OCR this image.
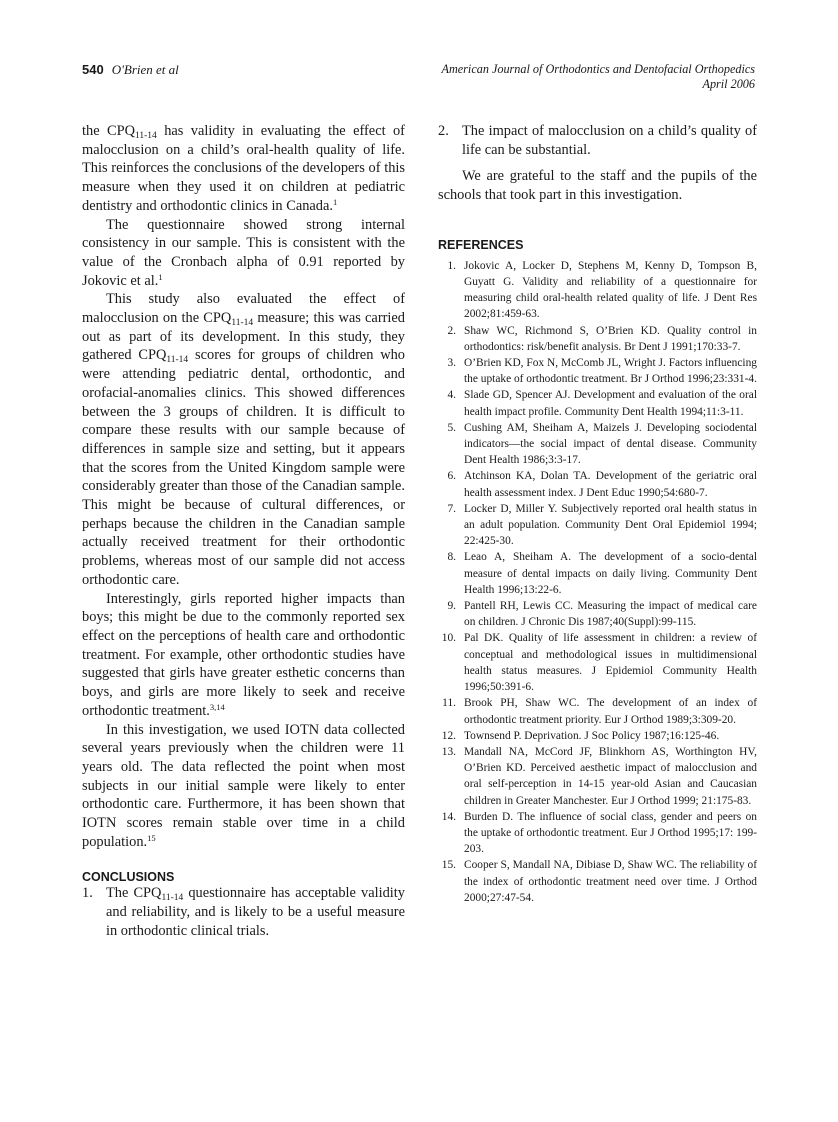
540 O'Brien et al	American Journal of Orthodontics and Dentofacial Orthopedics
April 2006

the $CPQ_{11-14}$ has validity in evaluating the effect of malocclusion on a child’s oral-health quality of life. This reinforces the conclusions of the developers of this measure when they used it on children at pediatric dentistry and orthodontic clinics in Canada.$^1$

The questionnaire showed strong internal consistency in our sample. This is consistent with the value of the Cronbach alpha of 0.91 reported by Jokovic et al.$^1$

This study also evaluated the effect of malocclusion on the $CPQ_{11-14}$ measure; this was carried out as part of its development. In this study, they gathered $CPQ_{11-14}$ scores for groups of children who were attending pediatric dental, orthodontic, and orofacial-anomalies clinics. This showed differences between the 3 groups of children. It is difficult to compare these results with our sample because of differences in sample size and setting, but it appears that the scores from the United Kingdom sample were considerably greater than those of the Canadian sample. This might be because of cultural differences, or perhaps because the children in the Canadian sample actually received treatment for their orthodontic problems, whereas most of our sample did not access orthodontic care.

Interestingly, girls reported higher impacts than boys; this might be due to the commonly reported sex effect on the perceptions of health care and orthodontic treatment. For example, other orthodontic studies have suggested that girls have greater esthetic concerns than boys, and girls are more likely to seek and receive orthodontic treatment.$^{3,14}$

In this investigation, we used IOTN data collected several years previously when the children were 11 years old. The data reflected the point when most subjects in our initial sample were likely to enter orthodontic care. Furthermore, it has been shown that IOTN scores remain stable over time in a child population.$^{15}$

CONCLUSIONS
1. The $CPQ_{11-14}$ questionnaire has acceptable validity and reliability, and is likely to be a useful measure in orthodontic clinical trials.
2. The impact of malocclusion on a child’s quality of life can be substantial.

We are grateful to the staff and the pupils of the schools that took part in this investigation.

REFERENCES
1. Jokovic A, Locker D, Stephens M, Kenny D, Tompson B, Guyatt G. Validity and reliability of a questionnaire for measuring child oral-health related quality of life. J Dent Res 2002;81:459-63.
2. Shaw WC, Richmond S, O’Brien KD. Quality control in orthodontics: risk/benefit analysis. Br Dent J 1991;170:33-7.
3. O’Brien KD, Fox N, McComb JL, Wright J. Factors influencing the uptake of orthodontic treatment. Br J Orthod 1996;23:331-4.
4. Slade GD, Spencer AJ. Development and evaluation of the oral health impact profile. Community Dent Health 1994;11:3-11.
5. Cushing AM, Sheiham A, Maizels J. Developing sociodental indicators—the social impact of dental disease. Community Dent Health 1986;3:3-17.
6. Atchinson KA, Dolan TA. Development of the geriatric oral health assessment index. J Dent Educ 1990;54:680-7.
7. Locker D, Miller Y. Subjectively reported oral health status in an adult population. Community Dent Oral Epidemiol 1994; 22:425-30.
8. Leao A, Sheiham A. The development of a socio-dental measure of dental impacts on daily living. Community Dent Health 1996;13:22-6.
9. Pantell RH, Lewis CC. Measuring the impact of medical care on children. J Chronic Dis 1987;40(Suppl):99-115.
10. Pal DK. Quality of life assessment in children: a review of conceptual and methodological issues in multidimensional health status measures. J Epidemiol Community Health 1996;50:391-6.
11. Brook PH, Shaw WC. The development of an index of orthodontic treatment priority. Eur J Orthod 1989;3:309-20.
12. Townsend P. Deprivation. J Soc Policy 1987;16:125-46.
13. Mandall NA, McCord JF, Blinkhorn AS, Worthington HV, O’Brien KD. Perceived aesthetic impact of malocclusion and oral self-perception in 14-15 year-old Asian and Caucasian children in Greater Manchester. Eur J Orthod 1999; 21:175-83.
14. Burden D. The influence of social class, gender and peers on the uptake of orthodontic treatment. Eur J Orthod 1995;17: 199-203.
15. Cooper S, Mandall NA, Dibiase D, Shaw WC. The reliability of the index of orthodontic treatment need over time. J Orthod 2000;27:47-54.
